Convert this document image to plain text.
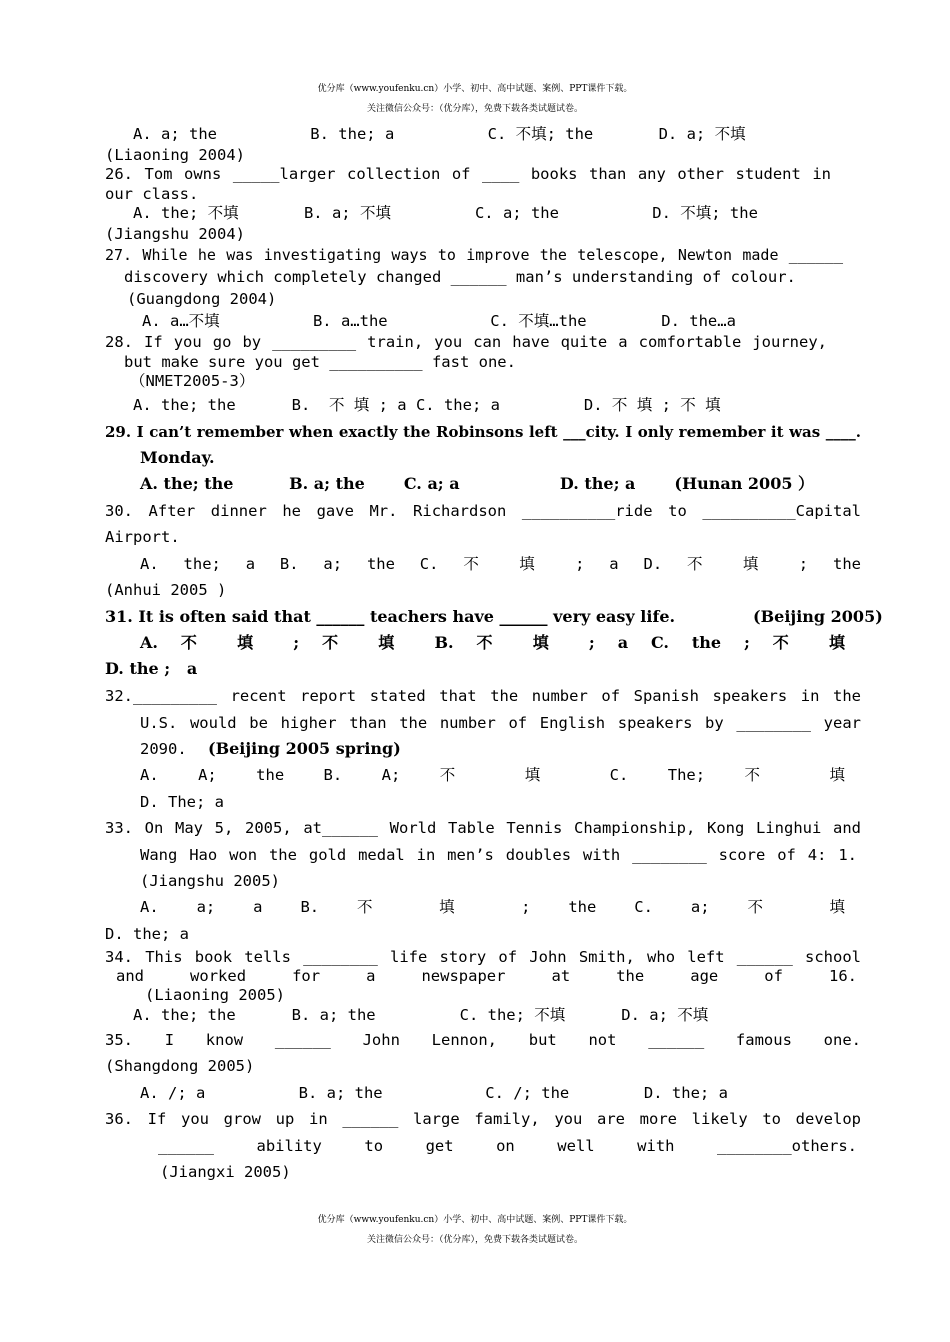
优分库（www.youfenku.cn）小学、初中、高中试题、案例、PPT课件下载。
关注微信公众号：（优分库），免费下载各类试题试卷。
A. a; the          B. the; a          C. 不填; the       D. a; 不填
(Liaoning 2004)
26. Tom owns _____larger collection of ____ books than any other student in
our class.
A. the; 不填       B. a; 不填         C. a; the          D. 不填; the
(Jiangshu 2004)
27. While he was investigating ways to improve the telescope, Newton made ______
discovery which completely changed ______ man’s understanding of colour.
(Guangdong 2004)
A. a…不填          B. a…the           C. 不填…the        D. the…a
28. If you go by _________ train, you can have quite a comfortable journey,
but make sure you get __________ fast one.
（NMET2005-3）
A. the; the      B.  不 填 ; a C. the; a         D. 不 填 ; 不 填
29. I can’t remember when exactly the Robinsons left ___city. I only remember it was ____.
Monday.
A. the; the          B. a; the       C. a; a                  D. the; a       (Hunan 2005 ）
30. After dinner he gave Mr. Richardson __________ride to __________Capital
Airport.
A. the; a B. a; the C. 不 填 ; a D. 不 填 ; the
(Anhui 2005 )
31. It is often said that ______ teachers have ______ very easy life.              (Beijing 2005)
A. 不 填 ; 不 填 B. 不 填 ; a C. the ; 不 填
D. the ;   a
32._________ recent report stated that the number of Spanish speakers in the
U.S. would be higher than the number of English speakers by ________ year
2090. (Beijing 2005 spring)
A. A; the B. A; 不 填 C. The; 不 填
D. The; a
33. On May 5, 2005, at______ World Table Tennis Championship, Kong Linghui and
Wang Hao won the gold medal in men’s doubles with ________ score of 4: 1.
(Jiangshu 2005)
A. a; a B. 不 填 ; the C. a; 不 填
D. the; a
34. This book tells ________ life story of John Smith, who left ______ school
and worked for a newspaper at the age of 16.
(Liaoning 2005)
A. the; the      B. a; the         C. the; 不填      D. a; 不填
35. I know ______ John Lennon, but not ______ famous one.
(Shangdong 2005)
A. /; a          B. a; the           C. /; the        D. the; a
36. If you grow up in ______ large family, you are more likely to develop
______ ability to get on well with ________others.
(Jiangxi 2005)
优分库（www.youfenku.cn）小学、初中、高中试题、案例、PPT课件下载。
关注微信公众号：（优分库），免费下载各类试题试卷。
